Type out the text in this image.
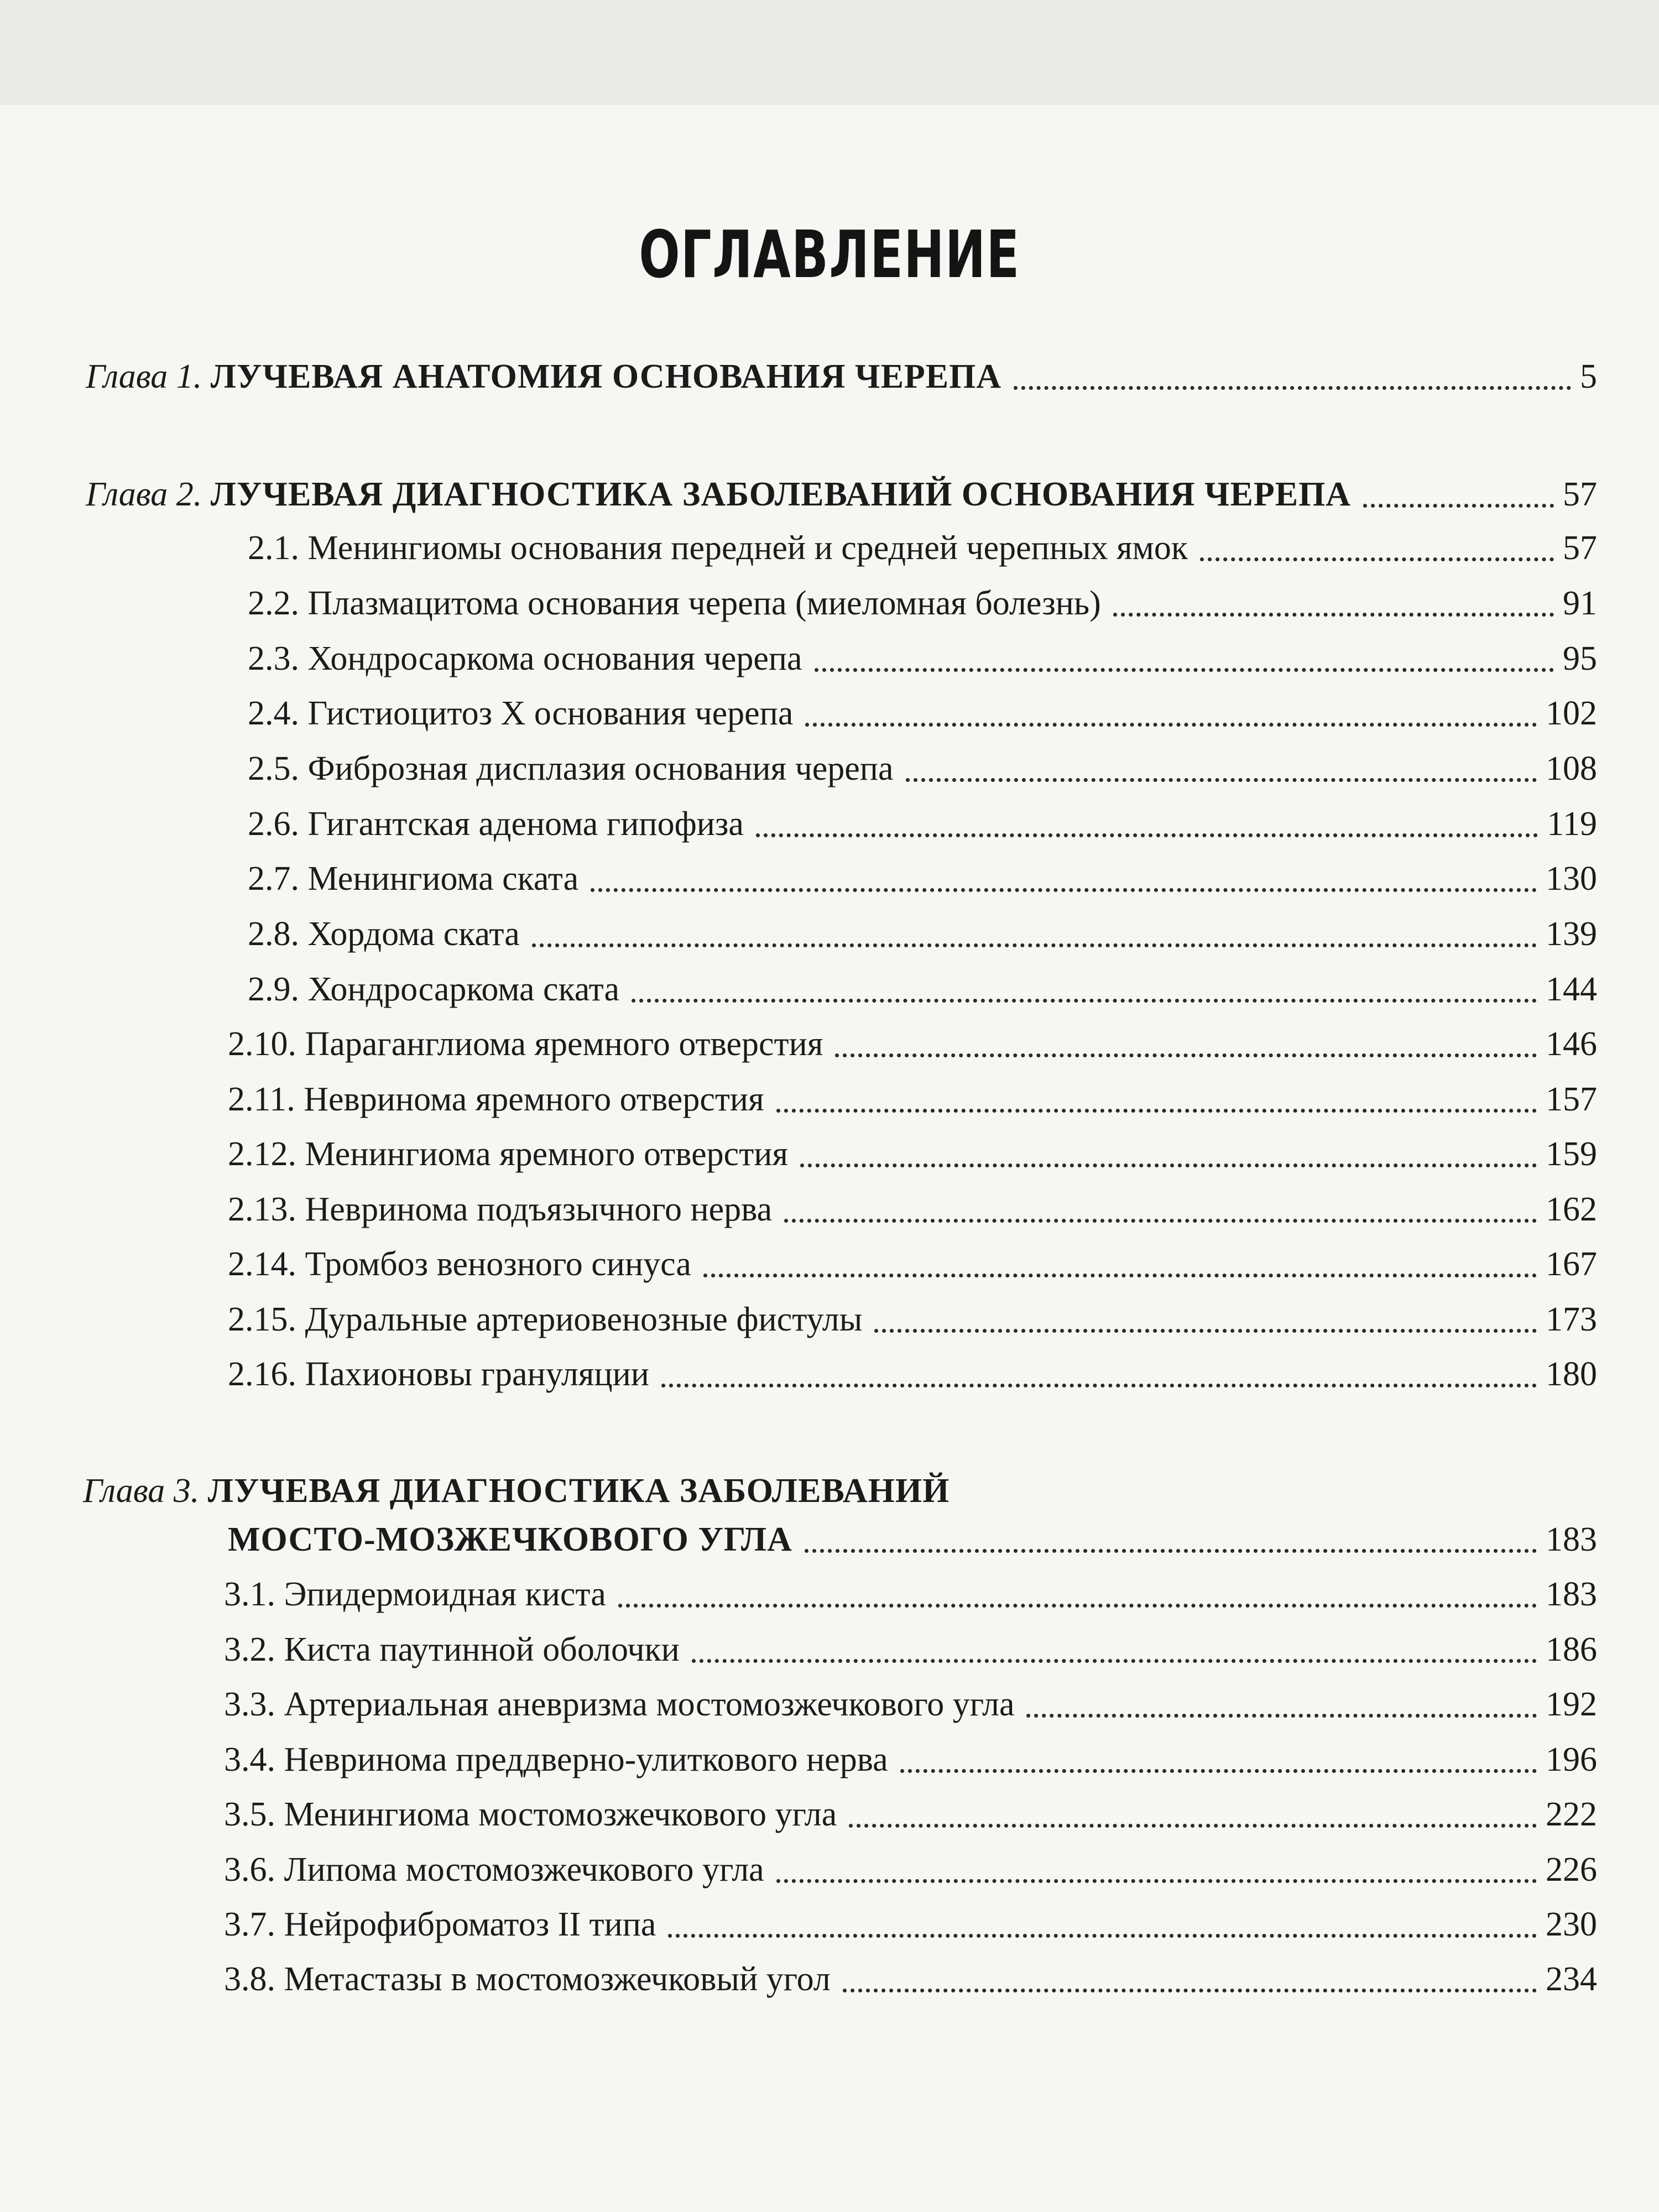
ОГЛАВЛЕНИЕ
Глава 1. ЛУЧЕВАЯ АНАТОМИЯ ОСНОВАНИЯ ЧЕРЕПА	5
Глава 2. ЛУЧЕВАЯ ДИАГНОСТИКА ЗАБОЛЕВАНИЙ ОСНОВАНИЯ ЧЕРЕПА	57
2.1. Менингиомы основания передней и средней черепных ямок	57
2.2. Плазмацитома основания черепа (миеломная болезнь)	91
2.3. Хондросаркома основания черепа	95
2.4. Гистиоцитоз Х основания черепа	102
2.5. Фиброзная дисплазия основания черепа	108
2.6. Гигантская аденома гипофиза	119
2.7. Менингиома ската	130
2.8. Хордома ската	139
2.9. Хондросаркома ската	144
2.10. Параганглиома яремного отверстия	146
2.11. Невринома яремного отверстия	157
2.12. Менингиома яремного отверстия	159
2.13. Невринома подъязычного нерва	162
2.14. Тромбоз венозного синуса	167
2.15. Дуральные артериовенозные фистулы	173
2.16. Пахионовы грануляции	180
Глава 3. ЛУЧЕВАЯ ДИАГНОСТИКА ЗАБОЛЕВАНИЙ
МОСТО-МОЗЖЕЧКОВОГО УГЛА	183
3.1. Эпидермоидная киста	183
3.2. Киста паутинной оболочки	186
3.3. Артериальная аневризма мостомозжечкового угла	192
3.4. Невринома преддверно-улиткового нерва	196
3.5. Менингиома мостомозжечкового угла	222
3.6. Липома мостомозжечкового угла	226
3.7. Нейрофиброматоз II типа	230
3.8. Метастазы в мостомозжечковый угол	234
